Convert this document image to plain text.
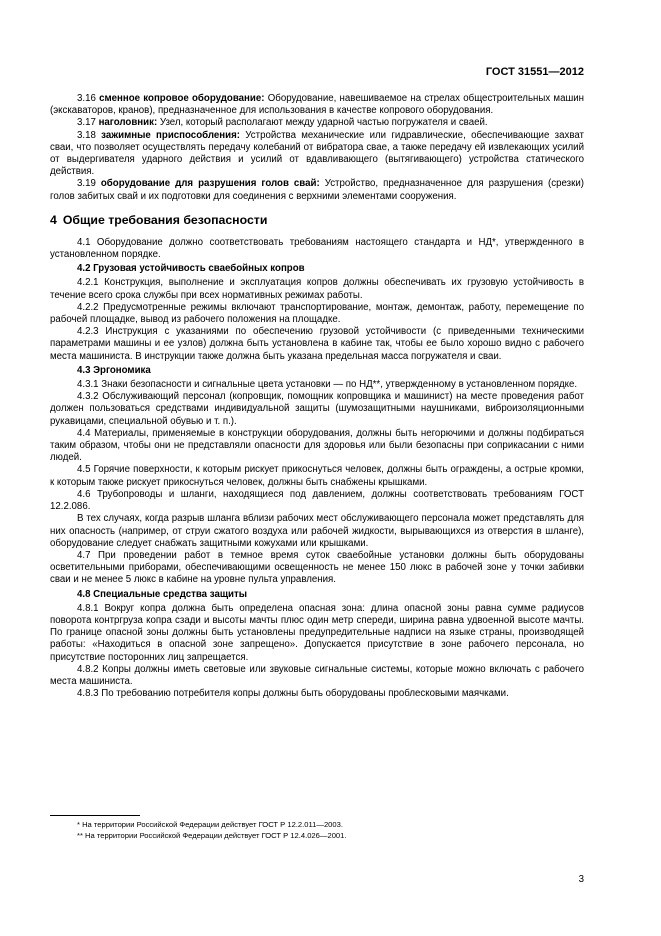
ГОСТ 31551—2012

3.16 сменное копровое оборудование: Оборудование, навешиваемое на стрелах общестроительных машин (экскаваторов, кранов), предназначенное для использования в качестве копрового оборудования.

3.17 наголовник: Узел, который располагают между ударной частью погружателя и сваей.

3.18 зажимные приспособления: Устройства механические или гидравлические, обеспечивающие захват сваи, что позволяет осуществлять передачу колебаний от вибратора свае, а также передачу ей извлекающих усилий от выдергивателя ударного действия и усилий от вдавливающего (вытягивающего) устройства статического действия.

3.19 оборудование для разрушения голов свай: Устройство, предназначенное для разрушения (срезки) голов забитых свай и их подготовки для соединения с верхними элементами сооружения.

4 Общие требования безопасности

4.1 Оборудование должно соответствовать требованиям настоящего стандарта и НД*, утвержденного в установленном порядке.

4.2 Грузовая устойчивость сваебойных копров

4.2.1 Конструкция, выполнение и эксплуатация копров должны обеспечивать их грузовую устойчивость в течение всего срока службы при всех нормативных режимах работы.

4.2.2 Предусмотренные режимы включают транспортирование, монтаж, демонтаж, работу, перемещение по рабочей площадке, вывод из рабочего положения на площадке.

4.2.3 Инструкция с указаниями по обеспечению грузовой устойчивости (с приведенными техническими параметрами машины и ее узлов) должна быть установлена в кабине так, чтобы ее было хорошо видно с рабочего места машиниста. В инструкции также должна быть указана предельная масса погружателя и сваи.

4.3 Эргономика

4.3.1 Знаки безопасности и сигнальные цвета установки — по НД**, утвержденному в установленном порядке.

4.3.2 Обслуживающий персонал (копровщик, помощник копровщика и машинист) на месте проведения работ должен пользоваться средствами индивидуальной защиты (шумозащитными наушниками, виброизоляционными рукавицами, специальной обувью и т. п.).

4.4 Материалы, применяемые в конструкции оборудования, должны быть негорючими и должны подбираться таким образом, чтобы они не представляли опасности для здоровья или были безопасны при соприкасании с ними людей.

4.5 Горячие поверхности, к которым рискует прикоснуться человек, должны быть ограждены, а острые кромки, к которым также рискует прикоснуться человек, должны быть снабжены крышками.

4.6 Трубопроводы и шланги, находящиеся под давлением, должны соответствовать требованиям ГОСТ 12.2.086.

В тех случаях, когда разрыв шланга вблизи рабочих мест обслуживающего персонала может представлять для них опасность (например, от струи сжатого воздуха или рабочей жидкости, вырывающихся из отверстия в шланге), оборудование следует снабжать защитными кожухами или крышками.

4.7 При проведении работ в темное время суток сваебойные установки должны быть оборудованы осветительными приборами, обеспечивающими освещенность не менее 150 люкс в рабочей зоне у точки забивки сваи и не менее 5 люкс в кабине на уровне пульта управления.

4.8 Специальные средства защиты

4.8.1 Вокруг копра должна быть определена опасная зона: длина опасной зоны равна сумме радиусов поворота контргруза копра сзади и высоты мачты плюс один метр спереди, ширина равна удвоенной высоте мачты. По границе опасной зоны должны быть установлены предупредительные надписи на языке страны, производящей работы: «Находиться в опасной зоне запрещено». Допускается присутствие в зоне рабочего персонала, но присутствие посторонних лиц запрещается.

4.8.2 Копры должны иметь световые или звуковые сигнальные системы, которые можно включать с рабочего места машиниста.

4.8.3 По требованию потребителя копры должны быть оборудованы проблесковыми маячками.

* На территории Российской Федерации действует ГОСТ Р 12.2.011—2003.
** На территории Российской Федерации действует ГОСТ Р 12.4.026—2001.
3
